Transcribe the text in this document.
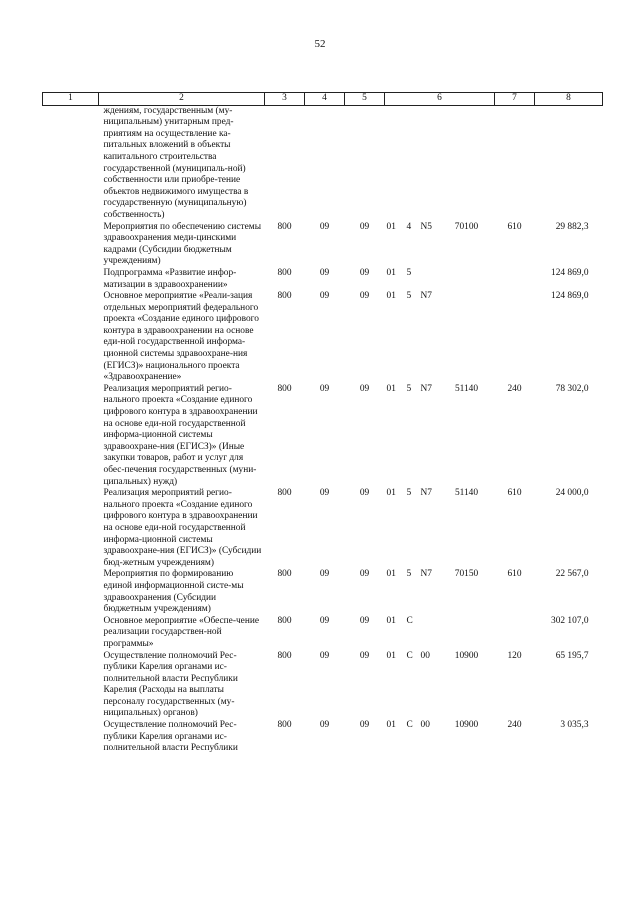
52
1	2	3	4	5	6				7	8
	ждениям, государственным (му-ниципальным) унитарным пред-приятиям на осуществление ка-питальных вложений в объекты капитального строительства государственной (муниципаль-ной) собственности или приобре-тение объектов недвижимого имущества в государственную (муниципальную) собственность)									
	Мероприятия по обеспечению системы здравоохранения меди-цинскими кадрами (Субсидии бюджетным учреждениям)	800	09	09	01	4	N5	70100	610	29 882,3
	Подпрограмма «Развитие инфор-матизации в здравоохранении»	800	09	09	01	5				124 869,0
	Основное мероприятие «Реали-зация отдельных мероприятий федерального проекта «Создание единого цифрового контура в здравоохранении на основе еди-ной государственной информа-ционной системы здравоохране-ния (ЕГИСЗ)» национального проекта «Здравоохранение»	800	09	09	01	5	N7			124 869,0
	Реализация мероприятий регио-нального проекта «Создание единого цифрового контура в здравоохранении на основе еди-ной государственной информа-ционной системы здравоохране-ния (ЕГИСЗ)» (Иные закупки товаров, работ и услуг для обес-печения государственных (муни-ципальных) нужд)	800	09	09	01	5	N7	51140	240	78 302,0
	Реализация мероприятий регио-нального проекта «Создание единого цифрового контура в здравоохранении на основе еди-ной государственной информа-ционной системы здравоохране-ния (ЕГИСЗ)» (Субсидии бюд-жетным учреждениям)	800	09	09	01	5	N7	51140	610	24 000,0
	Мероприятия по формированию единой информационной систе-мы здравоохранения (Субсидии бюджетным учреждениям)	800	09	09	01	5	N7	70150	610	22 567,0
	Основное мероприятие «Обеспе-чение реализации государствен-ной программы»	800	09	09	01	С				302 107,0
	Осуществление полномочий Рес-публики Карелия органами ис-полнительной власти Республики Карелия (Расходы на выплаты персоналу государственных (му-ниципальных) органов)	800	09	09	01	С	00	10900	120	65 195,7
	Осуществление полномочий Рес-публики Карелия органами ис-полнительной власти Республики	800	09	09	01	С	00	10900	240	3 035,3
